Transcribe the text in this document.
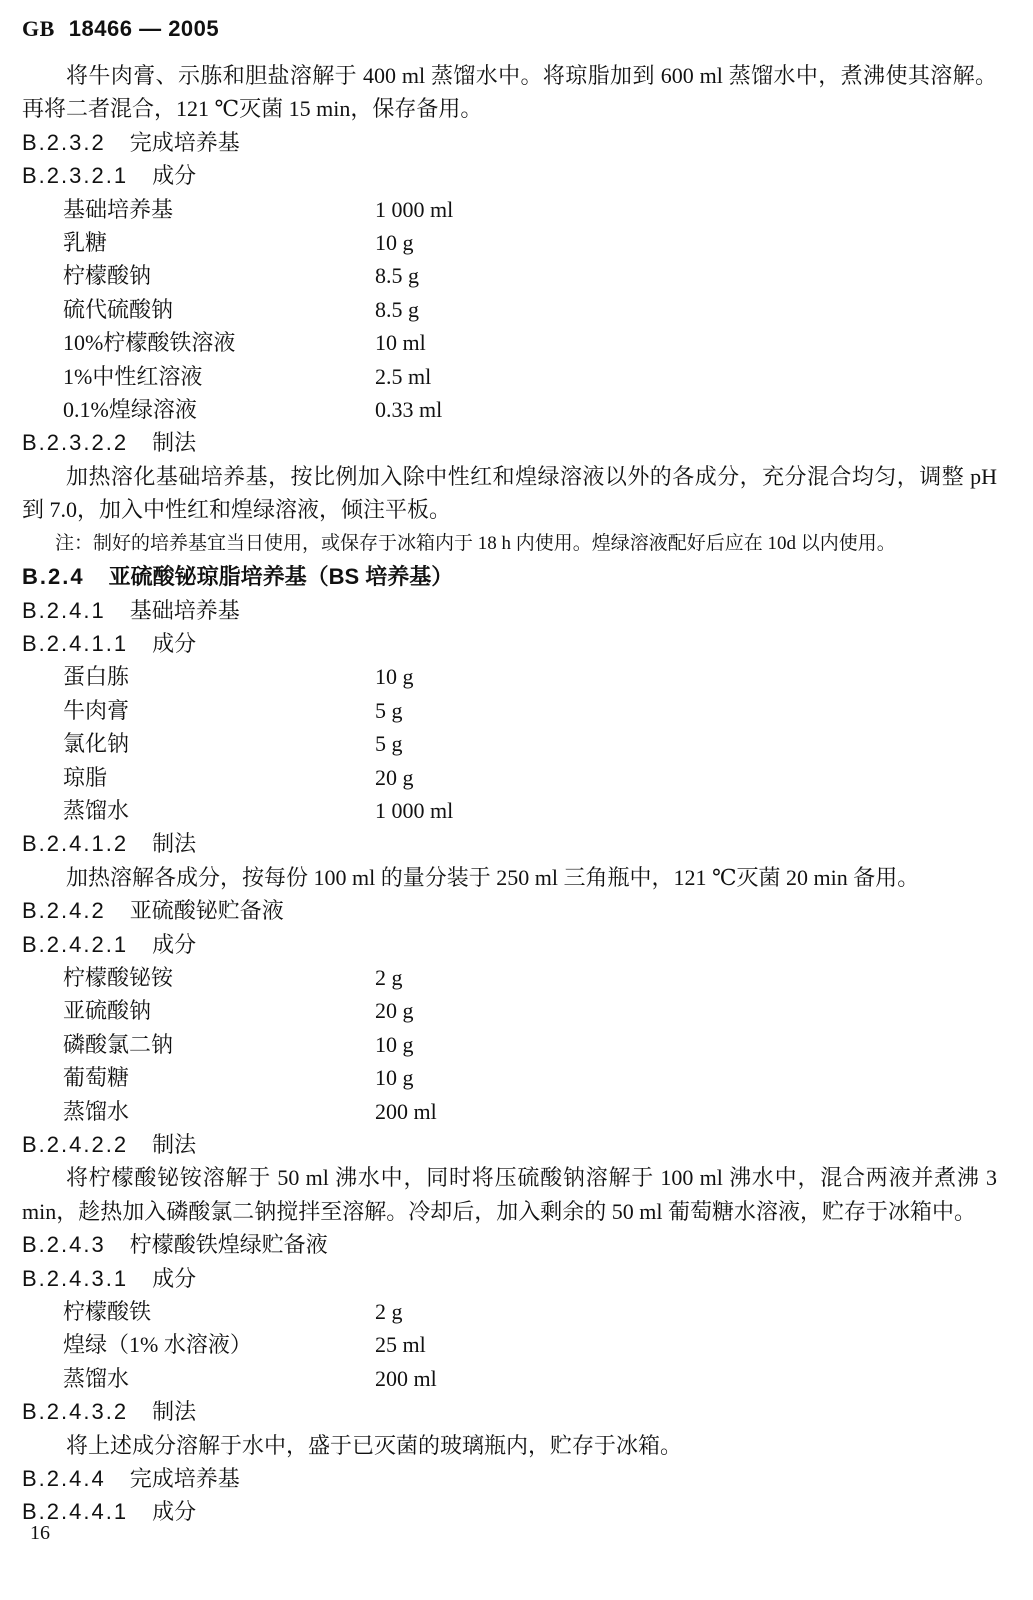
GB 18466 — 2005
将牛肉膏、示胨和胆盐溶解于 400 ml 蒸馏水中。将琼脂加到 600 ml 蒸馏水中，煮沸使其溶解。再将二者混合，121 ℃灭菌 15 min，保存备用。
B.2.3.2 完成培养基
B.2.3.2.1 成分
基础培养基	1 000 ml
乳糖	10 g
柠檬酸钠	8.5 g
硫代硫酸钠	8.5 g
10%柠檬酸铁溶液	10 ml
1%中性红溶液	2.5 ml
0.1%煌绿溶液	0.33 ml
B.2.3.2.2 制法
加热溶化基础培养基，按比例加入除中性红和煌绿溶液以外的各成分，充分混合均匀，调整 pH 到 7.0，加入中性红和煌绿溶液，倾注平板。
注：制好的培养基宜当日使用，或保存于冰箱内于 18 h 内使用。煌绿溶液配好后应在 10d 以内使用。
B.2.4 亚硫酸铋琼脂培养基（BS 培养基）
B.2.4.1 基础培养基
B.2.4.1.1 成分
蛋白胨	10 g
牛肉膏	5 g
氯化钠	5 g
琼脂	20 g
蒸馏水	1 000 ml
B.2.4.1.2 制法
加热溶解各成分，按每份 100 ml 的量分装于 250 ml 三角瓶中，121 ℃灭菌 20 min 备用。
B.2.4.2 亚硫酸铋贮备液
B.2.4.2.1 成分
柠檬酸铋铵	2 g
亚硫酸钠	20 g
磷酸氯二钠	10 g
葡萄糖	10 g
蒸馏水	200 ml
B.2.4.2.2 制法
将柠檬酸铋铵溶解于 50 ml 沸水中，同时将压硫酸钠溶解于 100 ml 沸水中，混合两液并煮沸 3 min，趁热加入磷酸氯二钠搅拌至溶解。冷却后，加入剩余的 50 ml 葡萄糖水溶液，贮存于冰箱中。
B.2.4.3 柠檬酸铁煌绿贮备液
B.2.4.3.1 成分
柠檬酸铁	2 g
煌绿（1% 水溶液）	25 ml
蒸馏水	200 ml
B.2.4.3.2 制法
将上述成分溶解于水中，盛于已灭菌的玻璃瓶内，贮存于冰箱。
B.2.4.4 完成培养基
B.2.4.4.1 成分
16
